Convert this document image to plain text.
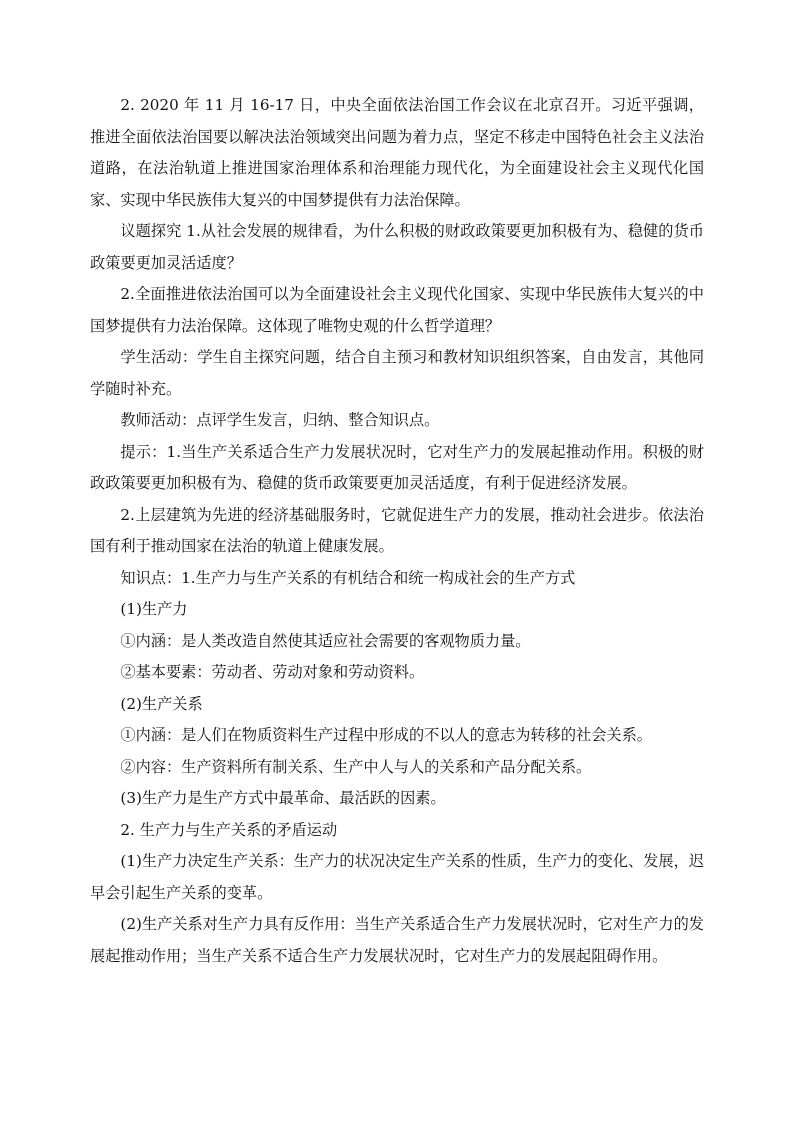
2. 2020 年 11 月 16-17 日，中央全面依法治国工作会议在北京召开。习近平强调，推进全面依法治国要以解决法治领域突出问题为着力点，坚定不移走中国特色社会主义法治道路，在法治轨道上推进国家治理体系和治理能力现代化，为全面建设社会主义现代化国家、实现中华民族伟大复兴的中国梦提供有力法治保障。

议题探究 1.从社会发展的规律看，为什么积极的财政政策要更加积极有为、稳健的货币政策要更加灵活适度？

2.全面推进依法治国可以为全面建设社会主义现代化国家、实现中华民族伟大复兴的中国梦提供有力法治保障。这体现了唯物史观的什么哲学道理？

学生活动：学生自主探究问题，结合自主预习和教材知识组织答案，自由发言，其他同学随时补充。

教师活动：点评学生发言，归纳、整合知识点。

提示：1.当生产关系适合生产力发展状况时，它对生产力的发展起推动作用。积极的财政政策要更加积极有为、稳健的货币政策要更加灵活适度，有利于促进经济发展。

2.上层建筑为先进的经济基础服务时，它就促进生产力的发展，推动社会进步。依法治国有利于推动国家在法治的轨道上健康发展。

知识点：1.生产力与生产关系的有机结合和统一构成社会的生产方式

(1)生产力

①内涵：是人类改造自然使其适应社会需要的客观物质力量。

②基本要素：劳动者、劳动对象和劳动资料。

(2)生产关系

①内涵：是人们在物质资料生产过程中形成的不以人的意志为转移的社会关系。

②内容：生产资料所有制关系、生产中人与人的关系和产品分配关系。

(3)生产力是生产方式中最革命、最活跃的因素。

2. 生产力与生产关系的矛盾运动

(1)生产力决定生产关系：生产力的状况决定生产关系的性质，生产力的变化、发展，迟早会引起生产关系的变革。

(2)生产关系对生产力具有反作用：当生产关系适合生产力发展状况时，它对生产力的发展起推动作用；当生产关系不适合生产力发展状况时，它对生产力的发展起阻碍作用。
